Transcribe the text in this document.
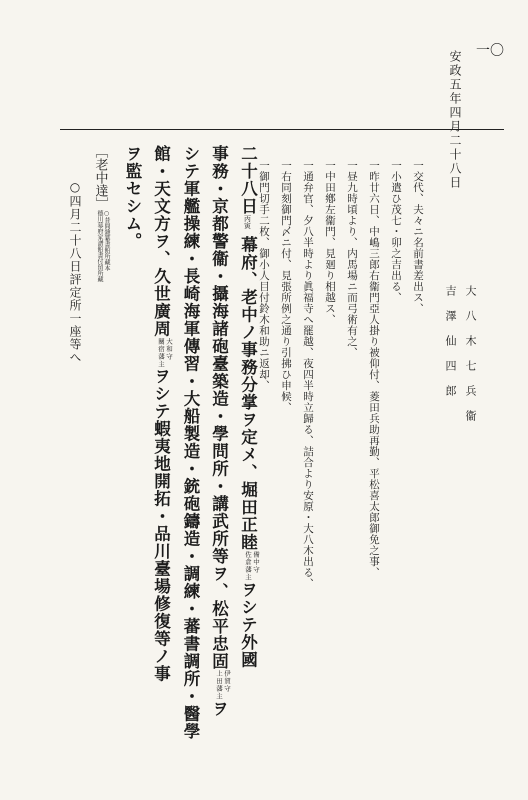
一〇
安政五年四月二十八日
吉澤仙四郎 大八木七兵衞
一交代、夫々ニ名前書差出ス、
一小遣ひ茂七・卯之吉出る、
一昨廿六日、中嶋三郎右衞門亞人掛り被仰付、菱田兵助再勤、平松喜太郎御免之事、
一昼九時頃より、内馬場ニ而弓術有之、
一中田鄕左衞門、見廻り相越ス、
一通弁官、夕八半時より眞福寺へ罷越、夜四半時立歸る、詰合より安原・大八木出る、
一右同刻御門〆ニ付、見張所例之通り引拂ひ申候、
一御門切手二枚、御小人目付鈴木和助ニ返却、
二十八日丙寅 幕府、老中ノ事務分掌ヲ定メ、堀田正睦備中守
佐倉藩主ヲシテ外國
事務・京都警衞・攝海諸砲臺築造・學問所・講武所等ヲ、松平忠固伊賀守
上田藩主ヲ
シテ軍艦操練・長崎海軍傳習・大船製造・銃砲鑄造・調練・蕃書調所・醫學
館・天文方ヲ、久世廣周大和守
關宿藩主ヲシテ蝦夷地開拓・品川臺場修復等ノ事
ヲ監セシム。
［老中達］○昔間雜纂書館所藏本
德川幕府家譜館書付留所藏
○四月二十八日評定所一座等へ
